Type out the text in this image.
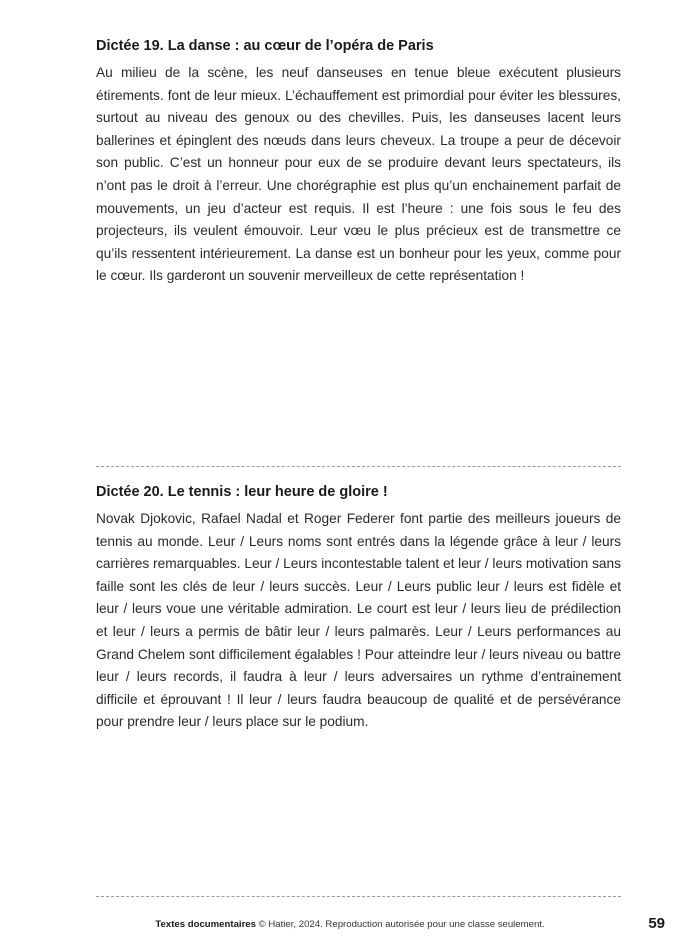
Dictée 19. La danse : au cœur de l’opéra de Paris

Au milieu de la scène, les neuf danseuses en tenue bleue exécutent plusieurs étirements. font de leur mieux. L’échauffement est primordial pour éviter les blessures, surtout au niveau des genoux ou des chevilles. Puis, les danseuses lacent leurs ballerines et épinglent des nœuds dans leurs cheveux. La troupe a peur de décevoir son public. C’est un honneur pour eux de se produire devant leurs spectateurs, ils n’ont pas le droit à l’erreur. Une chorégraphie est plus qu’un enchainement parfait de mouvements, un jeu d’acteur est requis. Il est l’heure : une fois sous le feu des projecteurs, ils veulent émouvoir. Leur vœu le plus précieux est de transmettre ce qu’ils ressentent intérieurement. La danse est un bonheur pour les yeux, comme pour le cœur. Ils garderont un souvenir merveilleux de cette représentation !

Dictée 20. Le tennis : leur heure de gloire !

Novak Djokovic, Rafael Nadal et Roger Federer font partie des meilleurs joueurs de tennis au monde. Leur / Leurs noms sont entrés dans la légende grâce à leur / leurs carrières remarquables. Leur / Leurs incontestable talent et leur / leurs motivation sans faille sont les clés de leur / leurs succès. Leur / Leurs public leur / leurs est fidèle et leur / leurs voue une véritable admiration. Le court est leur / leurs lieu de prédilection et leur / leurs a permis de bâtir leur / leurs palmarès. Leur / Leurs performances au Grand Chelem sont difficilement égalables ! Pour atteindre leur / leurs niveau ou battre leur / leurs records, il faudra à leur / leurs adversaires un rythme d’entrainement difficile et éprouvant ! Il leur / leurs faudra beaucoup de qualité et de persévérance pour prendre leur / leurs place sur le podium.

Textes documentaires © Hatier, 2024. Reproduction autorisée pour une classe seulement.	59
